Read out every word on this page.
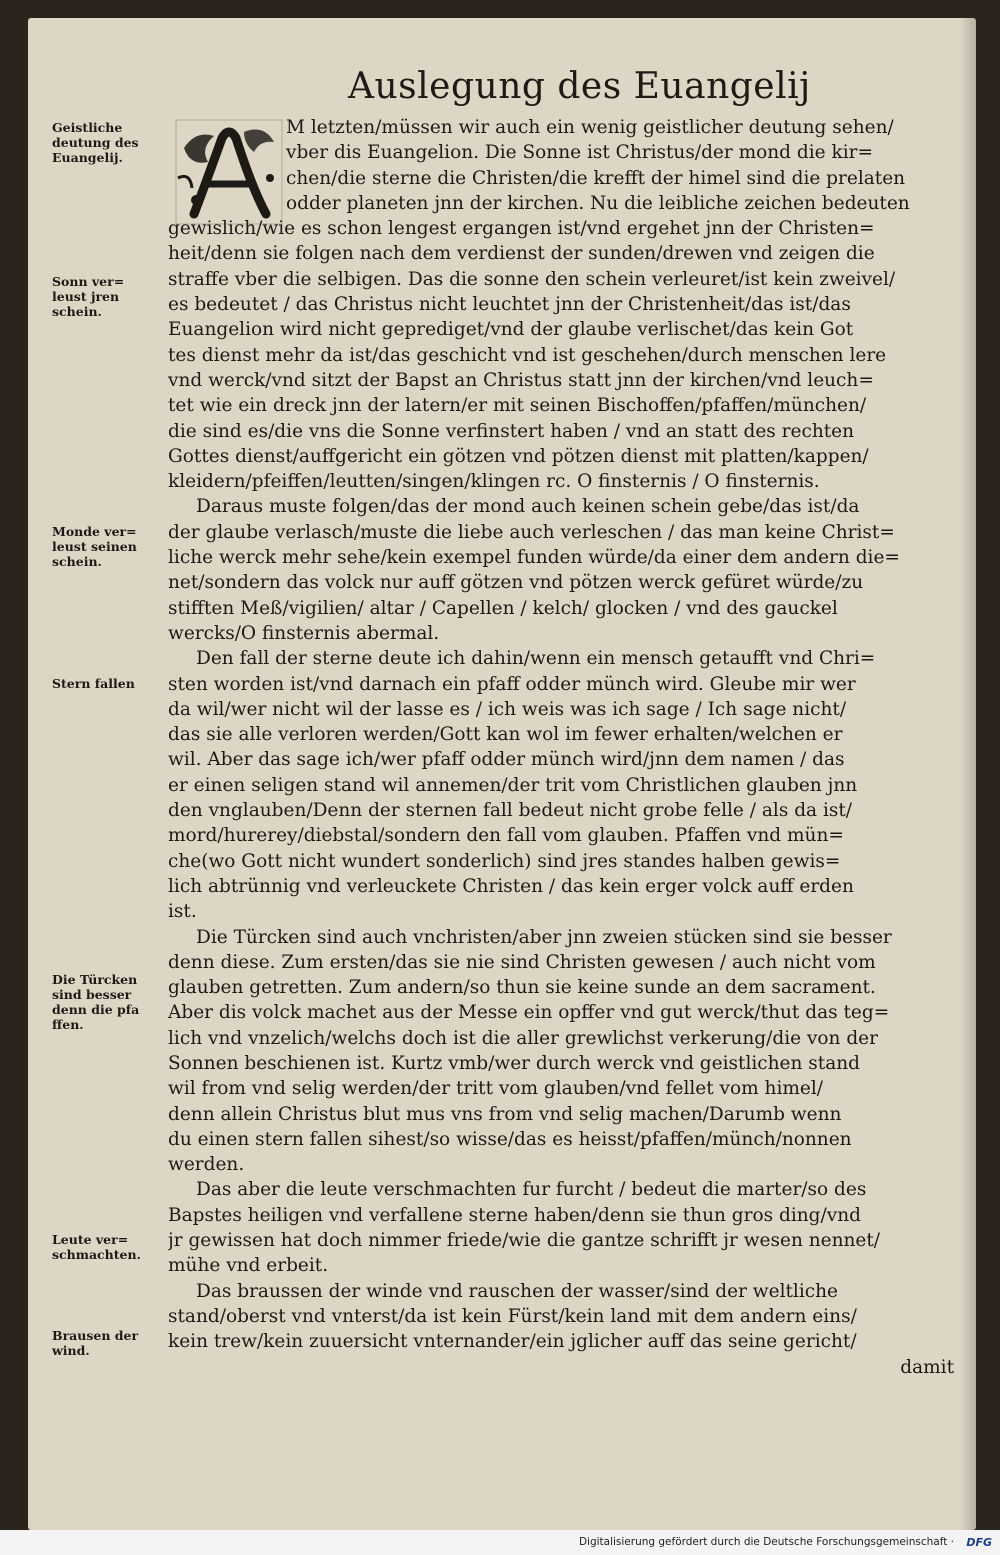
Auslegung des Euangelij
Geistliche
deutung des
Euangelij.
Sonn ver=
leust jren
schein.
Monde ver=
leust seinen
schein.
Stern fallen
Die Türcken
sind besser
denn die pfa
ffen.
Leute ver=
schmachten.
Brausen der
wind.
M letzten/müssen wir auch ein wenig geistlicher deutung sehen/
vber dis Euangelion. Die Sonne ist Christus/der mond die kir=
chen/die sterne die Christen/die krefft der himel sind die prelaten
odder planeten jnn der kirchen. Nu die leibliche zeichen bedeuten
gewislich/wie es schon lengest ergangen ist/vnd ergehet jnn der Christen=
heit/denn sie folgen nach dem verdienst der sunden/drewen vnd zeigen die
straffe vber die selbigen. Das die sonne den schein verleuret/ist kein zweivel/
es bedeutet / das Christus nicht leuchtet jnn der Christenheit/das ist/das
Euangelion wird nicht geprediget/vnd der glaube verlischet/das kein Got
tes dienst mehr da ist/das geschicht vnd ist geschehen/durch menschen lere
vnd werck/vnd sitzt der Bapst an Christus statt jnn der kirchen/vnd leuch=
tet wie ein dreck jnn der latern/er mit seinen Bischoffen/pfaffen/münchen/
die sind es/die vns die Sonne verfinstert haben / vnd an statt des rechten
Gottes dienst/auffgericht ein götzen vnd pötzen dienst mit platten/kappen/
kleidern/pfeiffen/leutten/singen/klingen rc. O finsternis / O finsternis.
Daraus muste folgen/das der mond auch keinen schein gebe/das ist/da
der glaube verlasch/muste die liebe auch verleschen / das man keine Christ=
liche werck mehr sehe/kein exempel funden würde/da einer dem andern die=
net/sondern das volck nur auff götzen vnd pötzen werck gefüret würde/zu
stifften Meß/vigilien/ altar / Capellen / kelch/ glocken / vnd des gauckel
wercks/O finsternis abermal.
Den fall der sterne deute ich dahin/wenn ein mensch getaufft vnd Chri=
sten worden ist/vnd darnach ein pfaff odder münch wird. Gleube mir wer
da wil/wer nicht wil der lasse es / ich weis was ich sage / Ich sage nicht/
das sie alle verloren werden/Gott kan wol im fewer erhalten/welchen er
wil. Aber das sage ich/wer pfaff odder münch wird/jnn dem namen / das
er einen seligen stand wil annemen/der trit vom Christlichen glauben jnn
den vnglauben/Denn der sternen fall bedeut nicht grobe felle / als da ist/
mord/hurerey/diebstal/sondern den fall vom glauben. Pfaffen vnd mün=
che(wo Gott nicht wundert sonderlich) sind jres standes halben gewis=
lich abtrünnig vnd verleuckete Christen / das kein erger volck auff erden
ist.
Die Türcken sind auch vnchristen/aber jnn zweien stücken sind sie besser
denn diese. Zum ersten/das sie nie sind Christen gewesen / auch nicht vom
glauben getretten. Zum andern/so thun sie keine sunde an dem sacrament.
Aber dis volck machet aus der Messe ein opffer vnd gut werck/thut das teg=
lich vnd vnzelich/welchs doch ist die aller grewlichst verkerung/die von der
Sonnen beschienen ist. Kurtz vmb/wer durch werck vnd geistlichen stand
wil from vnd selig werden/der tritt vom glauben/vnd fellet vom himel/
denn allein Christus blut mus vns from vnd selig machen/Darumb wenn
du einen stern fallen sihest/so wisse/das es heisst/pfaffen/münch/nonnen
werden.
Das aber die leute verschmachten fur furcht / bedeut die marter/so des
Bapstes heiligen vnd verfallene sterne haben/denn sie thun gros ding/vnd
jr gewissen hat doch nimmer friede/wie die gantze schrifft jr wesen nennet/
mühe vnd erbeit.
Das braussen der winde vnd rauschen der wasser/sind der weltliche
stand/oberst vnd vnterst/da ist kein Fürst/kein land mit dem andern eins/
kein trew/kein zuuersicht vnternander/ein jglicher auff das seine gericht/
damit
Digitalisierung gefördert durch die Deutsche Forschungsgemeinschaft · DFG
